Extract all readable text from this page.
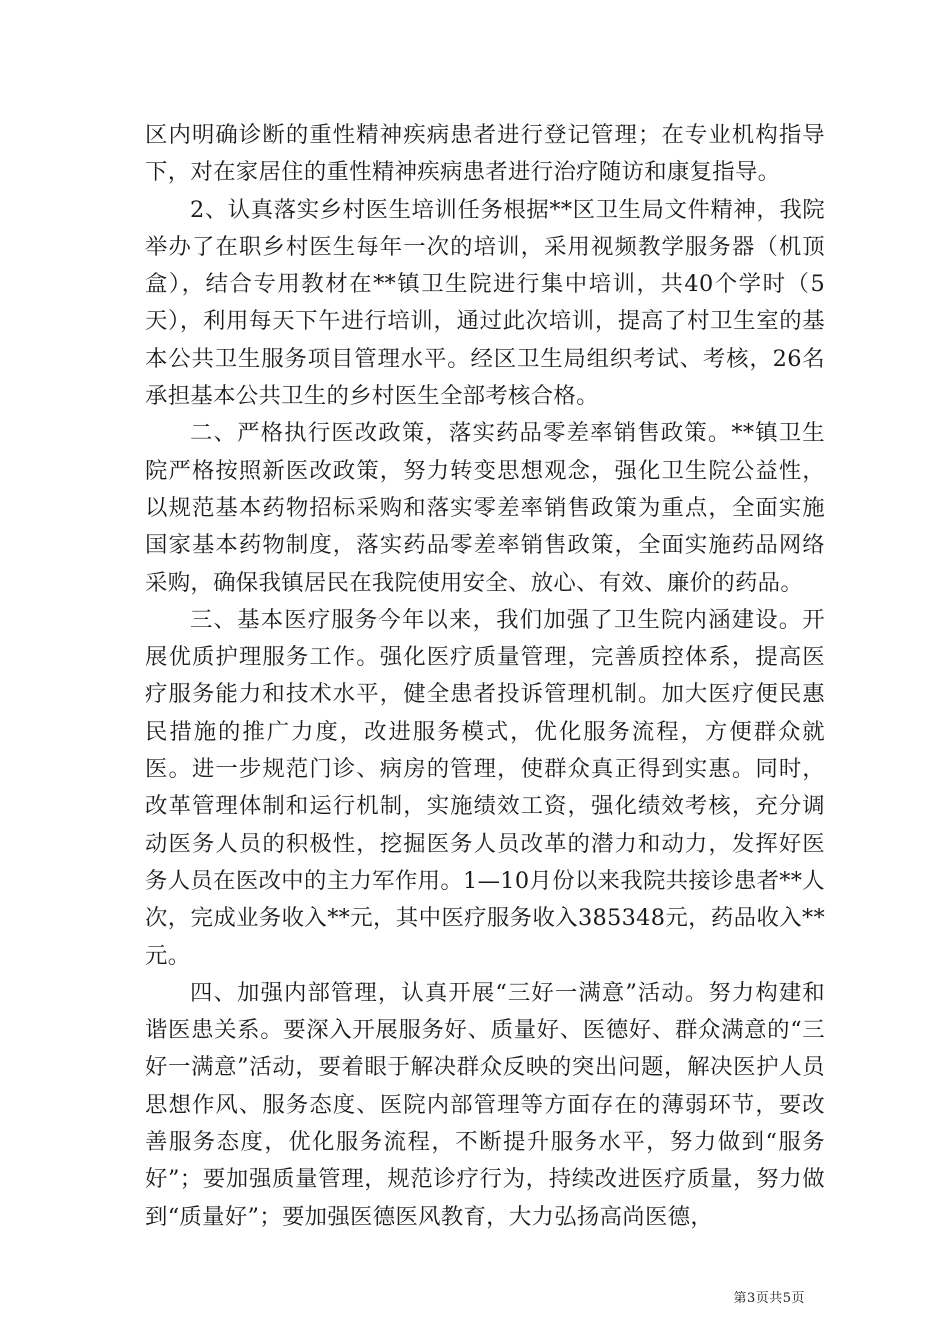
区内明确诊断的重性精神疾病患者进行登记管理；在专业机构指导下，对在家居住的重性精神疾病患者进行治疗随访和康复指导。

2、认真落实乡村医生培训任务根据**区卫生局文件精神，我院举办了在职乡村医生每年一次的培训，采用视频教学服务器（机顶盒），结合专用教材在**镇卫生院进行集中培训，共40个学时（5天），利用每天下午进行培训，通过此次培训，提高了村卫生室的基本公共卫生服务项目管理水平。经区卫生局组织考试、考核，26名承担基本公共卫生的乡村医生全部考核合格。

二、严格执行医改政策，落实药品零差率销售政策。**镇卫生院严格按照新医改政策，努力转变思想观念，强化卫生院公益性，以规范基本药物招标采购和落实零差率销售政策为重点，全面实施国家基本药物制度，落实药品零差率销售政策，全面实施药品网络采购，确保我镇居民在我院使用安全、放心、有效、廉价的药品。

三、基本医疗服务今年以来，我们加强了卫生院内涵建设。开展优质护理服务工作。强化医疗质量管理，完善质控体系，提高医疗服务能力和技术水平，健全患者投诉管理机制。加大医疗便民惠民措施的推广力度，改进服务模式，优化服务流程，方便群众就医。进一步规范门诊、病房的管理，使群众真正得到实惠。同时，改革管理体制和运行机制，实施绩效工资，强化绩效考核，充分调动医务人员的积极性，挖掘医务人员改革的潜力和动力，发挥好医务人员在医改中的主力军作用。1—10月份以来我院共接诊患者**人次，完成业务收入**元，其中医疗服务收入385348元，药品收入**元。

四、加强内部管理，认真开展“三好一满意”活动。努力构建和谐医患关系。要深入开展服务好、质量好、医德好、群众满意的“三好一满意”活动，要着眼于解决群众反映的突出问题，解决医护人员思想作风、服务态度、医院内部管理等方面存在的薄弱环节，要改善服务态度，优化服务流程，不断提升服务水平，努力做到“服务好”；要加强质量管理，规范诊疗行为，持续改进医疗质量，努力做到“质量好”；要加强医德医风教育，大力弘扬高尚医德，

第3页共5页
